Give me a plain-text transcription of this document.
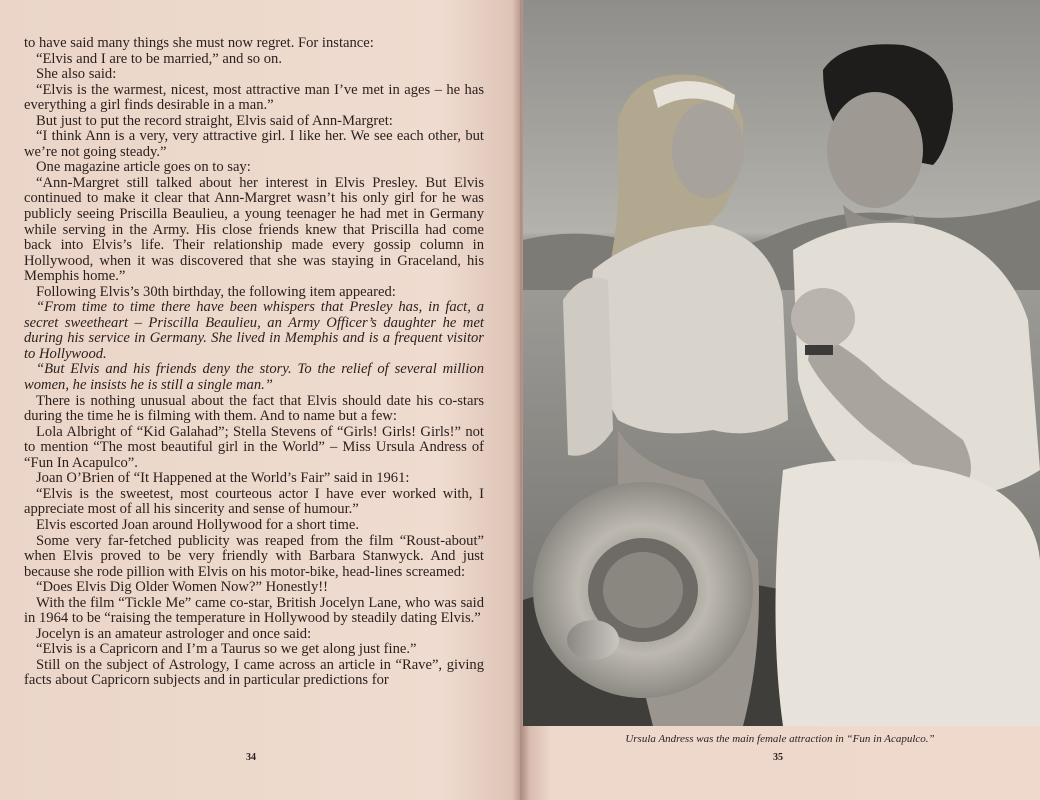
to have said many things she must now regret. For instance:

“Elvis and I are to be married,” and so on.

She also said:

“Elvis is the warmest, nicest, most attractive man I’ve met in ages – he has everything a girl finds desirable in a man.”

But just to put the record straight, Elvis said of Ann-Margret:

“I think Ann is a very, very attractive girl. I like her. We see each other, but we’re not going steady.”

One magazine article goes on to say:

“Ann-Margret still talked about her interest in Elvis Presley. But Elvis continued to make it clear that Ann-Margret wasn’t his only girl for he was publicly seeing Priscilla Beaulieu, a young teenager he had met in Germany while serving in the Army. His close friends knew that Priscilla had come back into Elvis’s life. Their relationship made every gossip column in Hollywood, when it was discovered that she was staying in Graceland, his Memphis home.”

Following Elvis’s 30th birthday, the following item appeared:

“From time to time there have been whispers that Presley has, in fact, a secret sweetheart – Priscilla Beaulieu, an Army Officer’s daughter he met during his service in Germany. She lived in Memphis and is a frequent visitor to Hollywood.

“But Elvis and his friends deny the story. To the relief of several million women, he insists he is still a single man.”

There is nothing unusual about the fact that Elvis should date his co-stars during the time he is filming with them. And to name but a few:

Lola Albright of “Kid Galahad”; Stella Stevens of “Girls! Girls! Girls!” not to mention “The most beautiful girl in the World” – Miss Ursula Andress of “Fun In Acapulco”.

Joan O’Brien of “It Happened at the World’s Fair” said in 1961:

“Elvis is the sweetest, most courteous actor I have ever worked with, I appreciate most of all his sincerity and sense of humour.”

Elvis escorted Joan around Hollywood for a short time.

Some very far-fetched publicity was reaped from the film “Roust-about” when Elvis proved to be very friendly with Barbara Stanwyck. And just because she rode pillion with Elvis on his motor-bike, head-lines screamed:

“Does Elvis Dig Older Women Now?” Honestly!!

With the film “Tickle Me” came co-star, British Jocelyn Lane, who was said in 1964 to be “raising the temperature in Hollywood by steadily dating Elvis.”

Jocelyn is an amateur astrologer and once said:

“Elvis is a Capricorn and I’m a Taurus so we get along just fine.”

Still on the subject of Astrology, I came across an article in “Rave”, giving facts about Capricorn subjects and in particular predictions for

34	35
Ursula Andress was the main female attraction in “Fun in Acapulco.”
